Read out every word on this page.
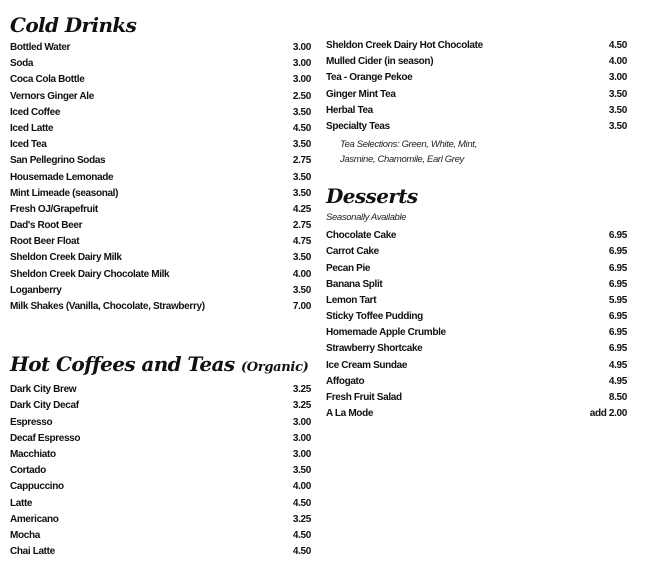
Cold Drinks
Bottled Water	3.00
Soda	3.00
Coca Cola Bottle	3.00
Vernors Ginger Ale	2.50
Iced Coffee	3.50
Iced Latte	4.50
Iced Tea	3.50
San Pellegrino Sodas	2.75
Housemade Lemonade	3.50
Mint Limeade (seasonal)	3.50
Fresh OJ/Grapefruit	4.25
Dad's Root Beer	2.75
Root Beer Float	4.75
Sheldon Creek Dairy Milk	3.50
Sheldon Creek Dairy Chocolate Milk	4.00
Loganberry	3.50
Milk Shakes (Vanilla, Chocolate, Strawberry)	7.00
Hot Coffees and Teas (Organic)
Dark City Brew	3.25
Dark City Decaf	3.25
Espresso	3.00
Decaf Espresso	3.00
Macchiato	3.00
Cortado	3.50
Cappuccino	4.00
Latte	4.50
Americano	3.25
Mocha	4.50
Chai Latte	4.50
Sheldon Creek Dairy Hot Chocolate	4.50
Mulled Cider (in season)	4.00
Tea - Orange Pekoe	3.00
Ginger Mint Tea	3.50
Herbal Tea	3.50
Specialty Teas	3.50
Tea Selections: Green, White, Mint,
Jasmine, Chamomile, Earl Grey
Desserts
Seasonally Available
Chocolate Cake	6.95
Carrot Cake	6.95
Pecan Pie	6.95
Banana Split	6.95
Lemon Tart	5.95
Sticky Toffee Pudding	6.95
Homemade Apple Crumble	6.95
Strawberry Shortcake	6.95
Ice Cream Sundae	4.95
Affogato	4.95
Fresh Fruit Salad	8.50
A La Mode	add 2.00
